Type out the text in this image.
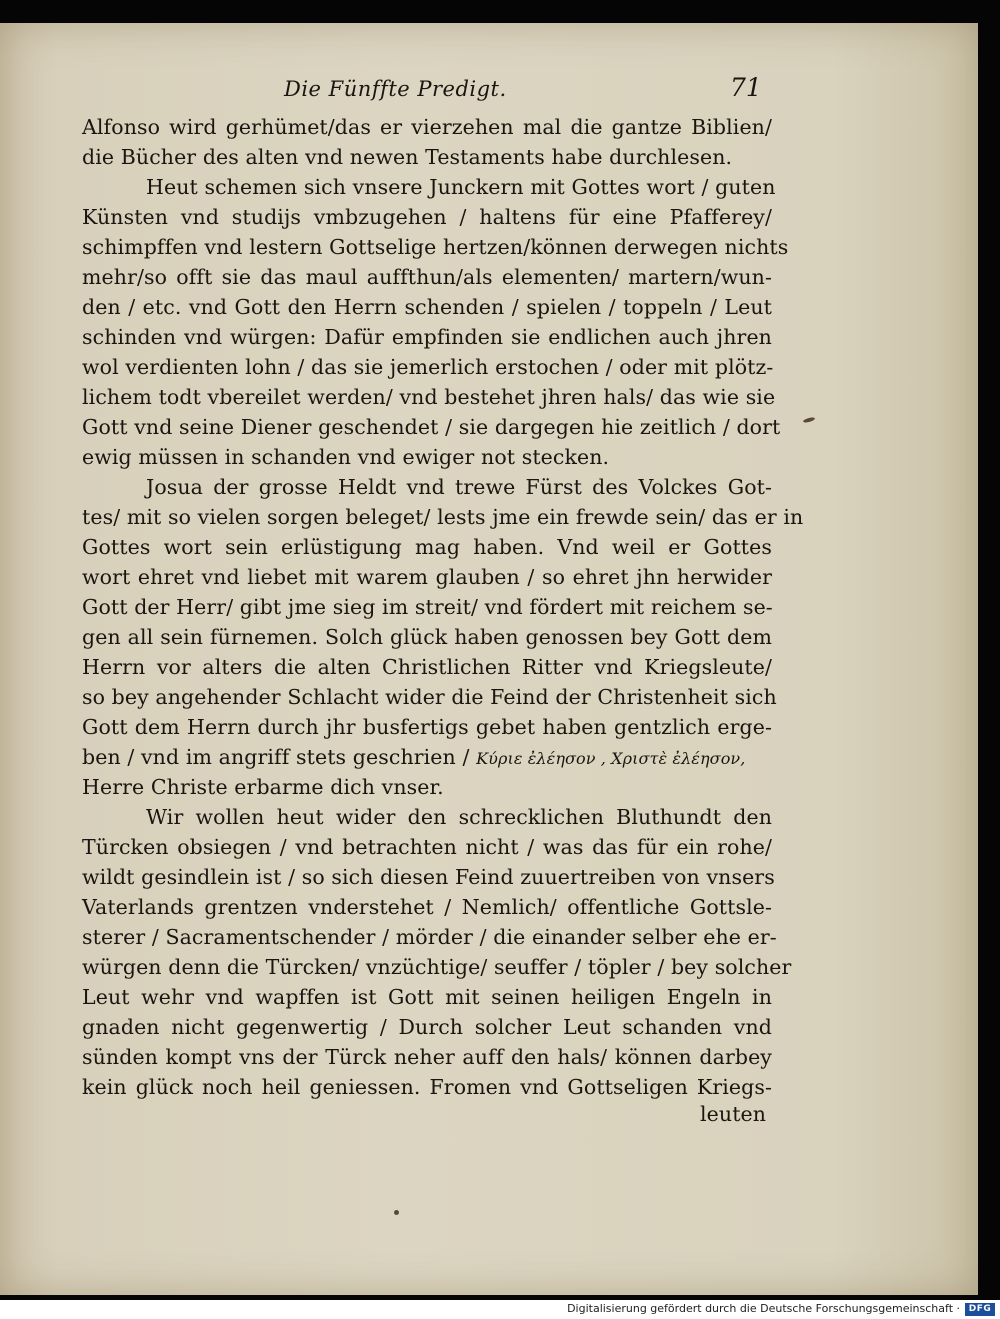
Die Fünffte Predigt.	71
Alfonso wird gerhümet/das er vierzehen mal die gantze Biblien/
die Bücher des alten vnd newen Testaments habe durchlesen.
Heut schemen sich vnsere Junckern mit Gottes wort / guten
Künsten vnd studijs vmbzugehen / haltens für eine Pfafferey/
schimpffen vnd lestern Gottselige hertzen/können derwegen nichts
mehr/so offt sie das maul auffthun/als elementen/ martern/wun-
den / etc. vnd Gott den Herrn schenden / spielen / toppeln / Leut
schinden vnd würgen: Dafür empfinden sie endlichen auch jhren
wol verdienten lohn / das sie jemerlich erstochen / oder mit plötz-
lichem todt vbereilet werden/ vnd bestehet jhren hals/ das wie sie
Gott vnd seine Diener geschendet / sie dargegen hie zeitlich / dort
ewig müssen in schanden vnd ewiger not stecken.
Josua der grosse Heldt vnd trewe Fürst des Volckes Got-
tes/ mit so vielen sorgen beleget/ lests jme ein frewde sein/ das er in
Gottes wort sein erlüstigung mag haben. Vnd weil er Gottes
wort ehret vnd liebet mit warem glauben / so ehret jhn herwider
Gott der Herr/ gibt jme sieg im streit/ vnd fördert mit reichem se-
gen all sein fürnemen. Solch glück haben genossen bey Gott dem
Herrn vor alters die alten Christlichen Ritter vnd Kriegsleute/
so bey angehender Schlacht wider die Feind der Christenheit sich
Gott dem Herrn durch jhr busfertigs gebet haben gentzlich erge-
ben / vnd im angriff stets geschrien / Κύριε ἐλέησον , Χριστὲ ἐλέησον,
Herre Christe erbarme dich vnser.
Wir wollen heut wider den schrecklichen Bluthundt den
Türcken obsiegen / vnd betrachten nicht / was das für ein rohe/
wildt gesindlein ist / so sich diesen Feind zuuertreiben von vnsers
Vaterlands grentzen vnderstehet / Nemlich/ offentliche Gottsle-
sterer / Sacramentschender / mörder / die einander selber ehe er-
würgen denn die Türcken/ vnzüchtige/ seuffer / töpler / bey solcher
Leut wehr vnd wapffen ist Gott mit seinen heiligen Engeln in
gnaden nicht gegenwertig / Durch solcher Leut schanden vnd
sünden kompt vns der Türck neher auff den hals/ können darbey
kein glück noch heil geniessen. Fromen vnd Gottseligen Kriegs-
leuten
Digitalisierung gefördert durch die Deutsche Forschungsgemeinschaft · DFG
